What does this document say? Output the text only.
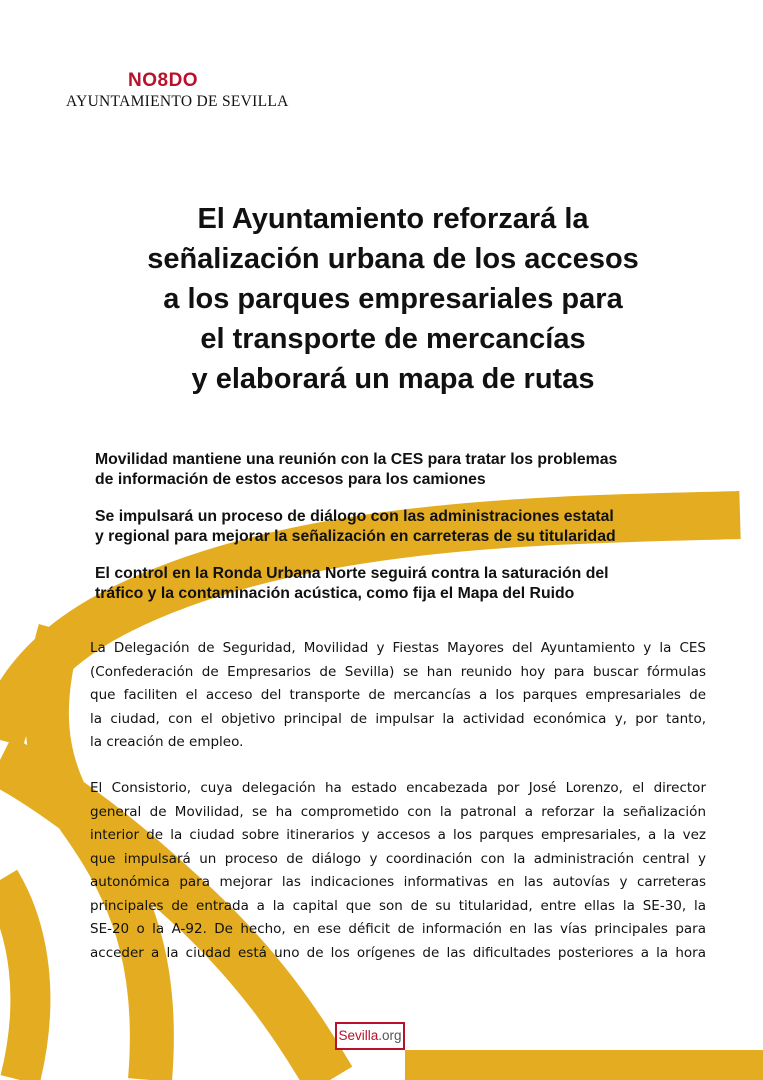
NO8DO
AYUNTAMIENTO DE SEVILLA
El Ayuntamiento reforzará la
señalización urbana de los accesos
a los parques empresariales para
el transporte de mercancías
y elaborará un mapa de rutas
Movilidad mantiene una reunión con la CES para tratar los problemas
de información de estos accesos para los camiones
Se impulsará un proceso de diálogo con las administraciones estatal
y regional para mejorar la señalización en carreteras de su titularidad
El control en la Ronda Urbana Norte seguirá contra la saturación del
tráfico y la contaminación acústica, como fija el Mapa del Ruido
La Delegación de Seguridad, Movilidad y Fiestas Mayores del Ayuntamiento y la CES
(Confederación de Empresarios de Sevilla) se han reunido hoy para buscar fórmulas
que faciliten el acceso del transporte de mercancías a los parques empresariales de
la ciudad, con el objetivo principal de impulsar la actividad económica y, por tanto,
la creación de empleo.
El Consistorio, cuya delegación ha estado encabezada por José Lorenzo, el director
general de Movilidad, se ha comprometido con la patronal a reforzar la señalización
interior de la ciudad sobre itinerarios y accesos a los parques empresariales, a la vez
que impulsará un proceso de diálogo y coordinación con la administración central y
autonómica para mejorar las indicaciones informativas en las autovías y carreteras
principales de entrada a la capital que son de su titularidad, entre ellas la SE-30, la
SE-20 o la A-92. De hecho, en ese déficit de información en las vías principales para
acceder a la ciudad está uno de los orígenes de las dificultades posteriores a la hora
Sevilla.org
